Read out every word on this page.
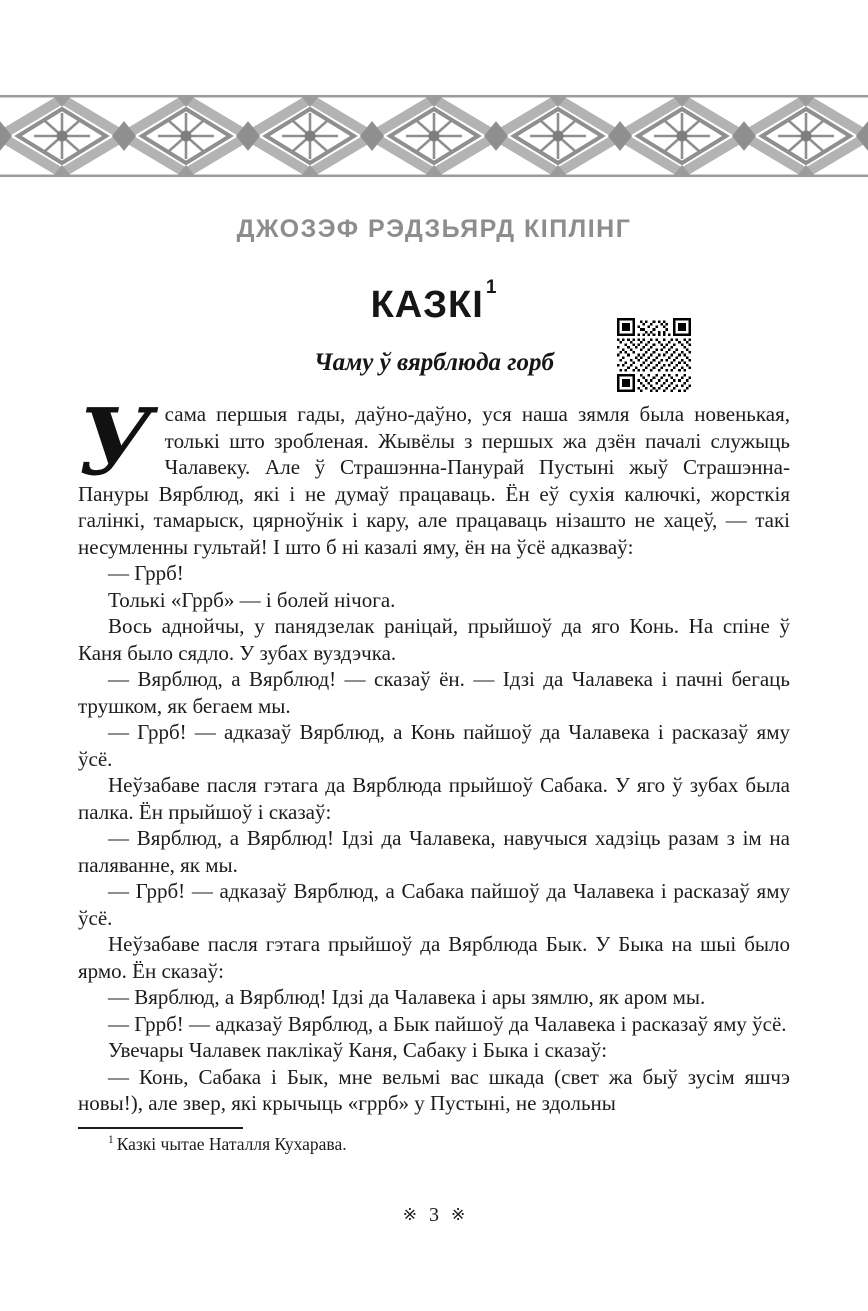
ДЖОЗЭФ РЭДЗЬЯРД КІПЛІНГ
КАЗКІ $^1$
Чаму ў вярблюда горб

Усама першыя гады, даўно-даўно, уся наша зямля была новенькая, толькі што зробленая. Жывёлы з першых жа дзён пачалі служыць Чалавеку. Але ў Страшэнна-Панурай Пустыні жыў Страшэнна-Пануры Вярблюд, які і не думаў працаваць. Ён еў сухія калючкі, жорсткія галінкі, тамарыск, цярноўнік і кару, але працаваць нізашто не хацеў, — такі несумленны гультай! І што б ні казалі яму, ён на ўсё адказваў:

— Гррб!

Толькі «Гррб» — і болей нічога.

Вось аднойчы, у панядзелак раніцай, прыйшоў да яго Конь. На спіне ў Каня было сядло. У зубах вуздэчка.

— Вярблюд, а Вярблюд! — сказаў ён. — Ідзі да Чалавека і пачні бегаць трушком, як бегаем мы.

— Гррб! — адказаў Вярблюд, а Конь пайшоў да Чалавека і расказаў яму ўсё.

Неўзабаве пасля гэтага да Вярблюда прыйшоў Сабака. У яго ў зубах была палка. Ён прыйшоў і сказаў:

— Вярблюд, а Вярблюд! Ідзі да Чалавека, навучыся хадзіць разам з ім на паляванне, як мы.

— Гррб! — адказаў Вярблюд, а Сабака пайшоў да Чалавека і расказаў яму ўсё.

Неўзабаве пасля гэтага прыйшоў да Вярблюда Бык. У Быка на шыі было ярмо. Ён сказаў:

— Вярблюд, а Вярблюд! Ідзі да Чалавека і ары зямлю, як аром мы.

— Гррб! — адказаў Вярблюд, а Бык пайшоў да Чалавека і расказаў яму ўсё.

Увечары Чалавек паклікаў Каня, Сабаку і Быка і сказаў:

— Конь, Сабака і Бык, мне вельмі вас шкада (свет жа быў зусім яшчэ новы!), але звер, які крычыць «гррб» у Пустыні, не здольны

$^1$ Казкі чытае Наталля Кухарава.
※ 3 ※
